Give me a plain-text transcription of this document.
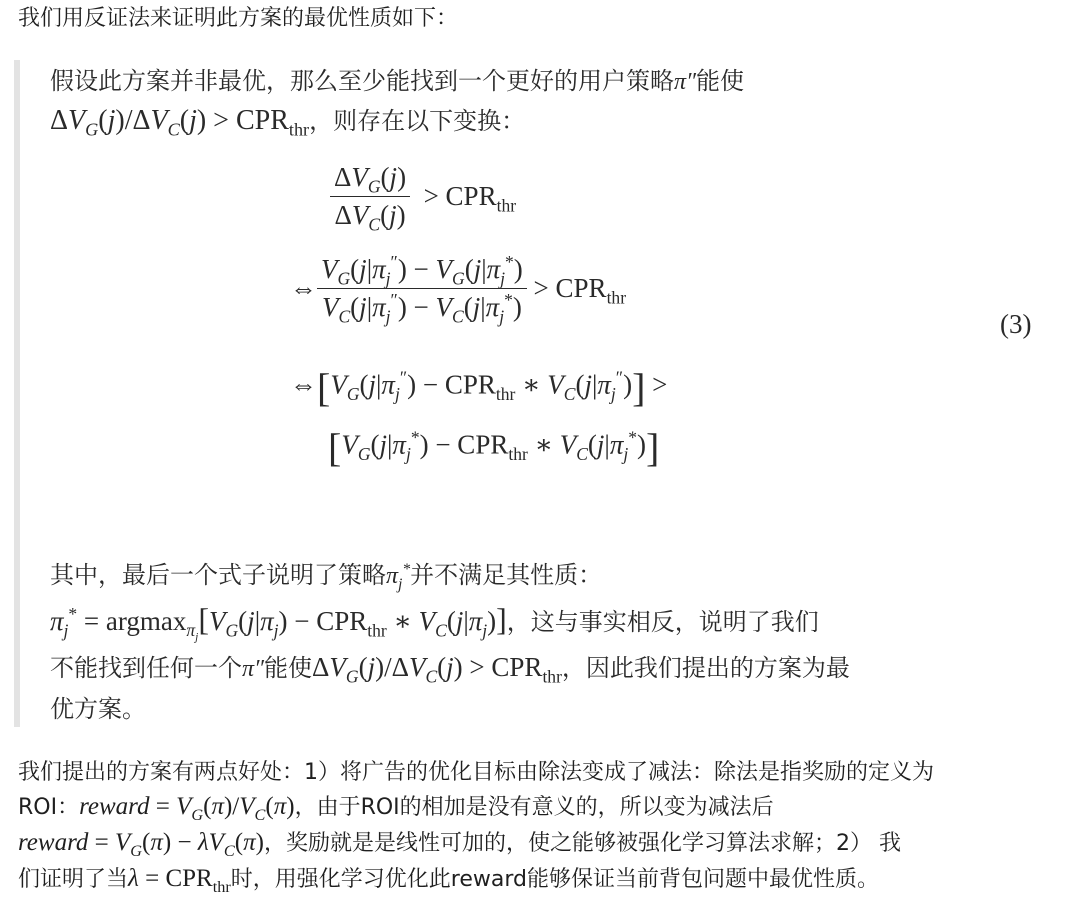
我们用反证法来证明此方案的最优性质如下：
假设此方案并非最优，那么至少能找到一个更好的用户策略π″能使
$\Delta V_G(j)/\Delta V_C(j) > CPR_{thr}$，则存在以下变换：
$\frac{\Delta V_G(j)}{\Delta V_C(j)} > CPR_{thr}$
⇔ $\frac{V_G(j|\pi_j'') - V_G(j|\pi_j^*)}{V_C(j|\pi_j'') - V_C(j|\pi_j^*)} > CPR_{thr}$
$\Leftrightarrow[V_G(j|\pi_j'') - CPR_{thr}$ ∗ $V_C(j|\pi_j'')$] >
[$V_G(j|\pi_j^*) - CPR_{thr}$ ∗ $V_C(j|\pi_j^*)$]
(3)
其中，最后一个式子说明了策略$\pi_j^*$并不满足其性质：
$\pi_j^* = argmax_{\pi_j}[V_G(j|\pi_j) - CPR_{thr}$ ∗ $V_C(j|\pi_j)$]，这与事实相反，说明了我们
不能找到任何一个π″能使$\Delta V_G(j)/\Delta V_C(j) > CPR_{thr}$，因此我们提出的方案为最
优方案。
我们提出的方案有两点好处：1）将广告的优化目标由除法变成了减法：除法是指奖励的定义为
ROI：reward = $V_G(\pi)/V_C(\pi)$，由于ROI的相加是没有意义的，所以变为减法后
reward = $V_G(\pi) - \lambda V_C(\pi)$，奖励就是是线性可加的，使之能够被强化学习算法求解；2） 我
们证明了当$\lambda = CPR_{thr}$时，用强化学习优化此reward能够保证当前背包问题中最优性质。
